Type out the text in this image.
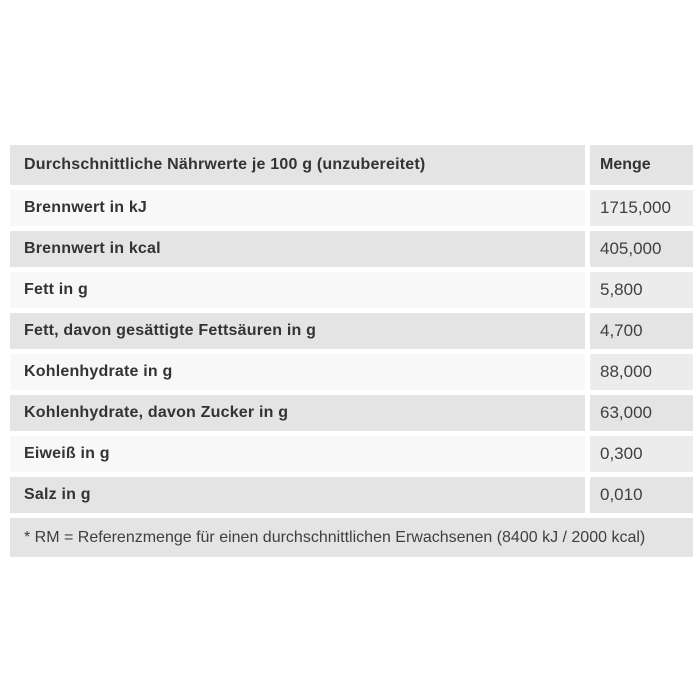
Durchschnittliche Nährwerte je 100 g (unzubereitet)	Menge
Brennwert in kJ	1715,000
Brennwert in kcal	405,000
Fett in g	5,800
Fett, davon gesättigte Fettsäuren in g	4,700
Kohlenhydrate in g	88,000
Kohlenhydrate, davon Zucker in g	63,000
Eiweiß in g	0,300
Salz in g	0,010
* RM = Referenzmenge für einen durchschnittlichen Erwachsenen (8400 kJ / 2000 kcal)
